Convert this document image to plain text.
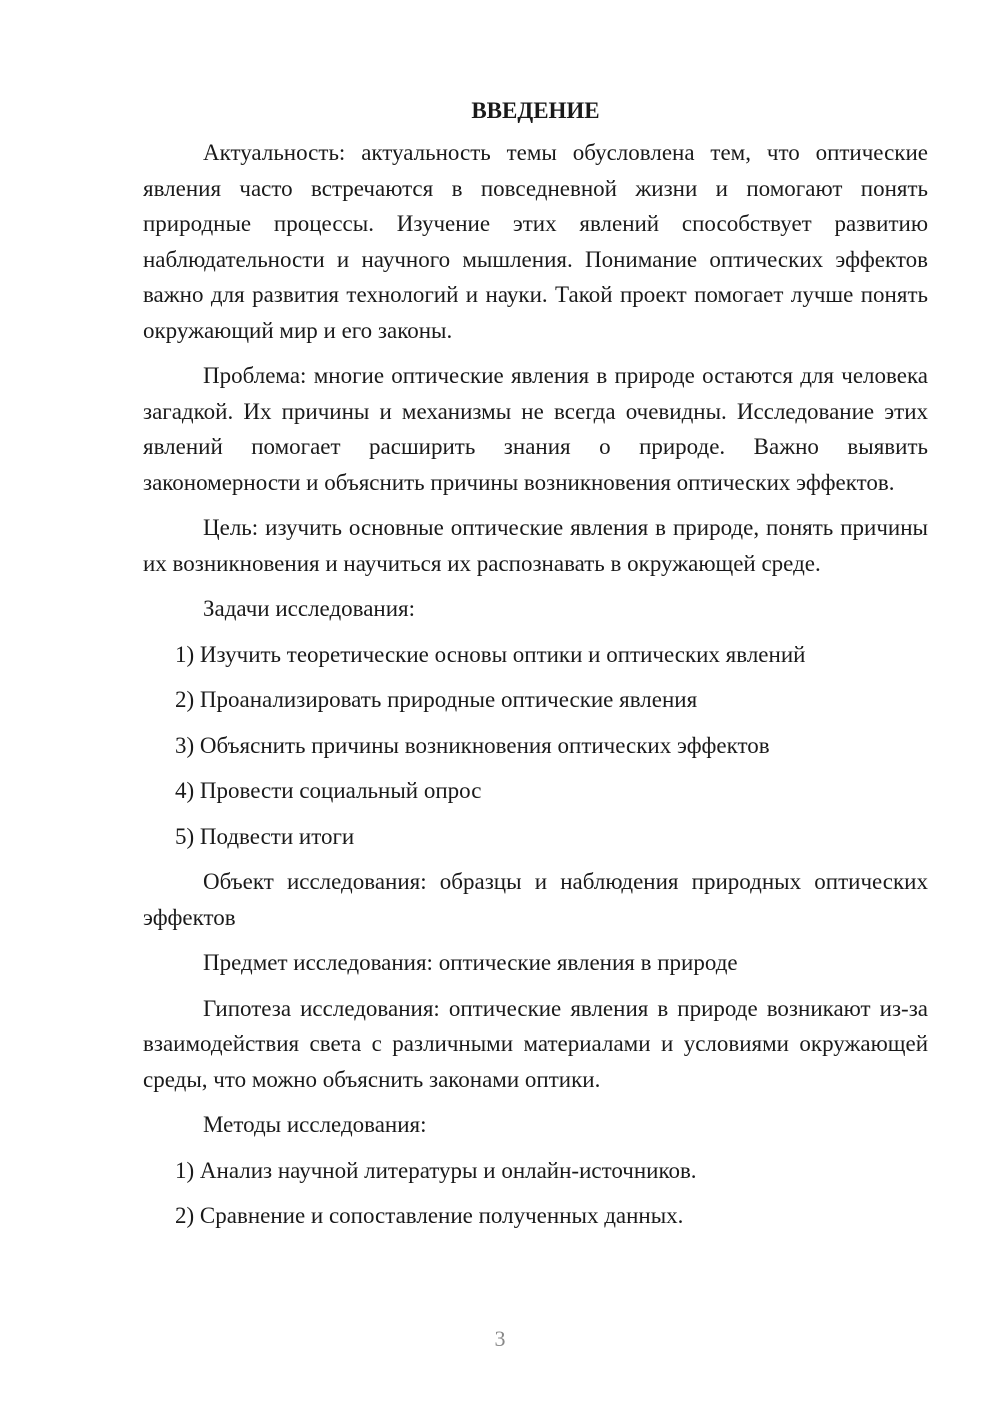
ВВЕДЕНИЕ

Актуальность: актуальность темы обусловлена тем, что оптические явления часто встречаются в повседневной жизни и помогают понять природные процессы. Изучение этих явлений способствует развитию наблюдательности и научного мышления. Понимание оптических эффектов важно для развития технологий и науки. Такой проект помогает лучше понять окружающий мир и его законы.

Проблема: многие оптические явления в природе остаются для человека загадкой. Их причины и механизмы не всегда очевидны. Исследование этих явлений помогает расширить знания о природе. Важно выявить закономерности и объяснить причины возникновения оптических эффектов.

Цель: изучить основные оптические явления в природе, понять причины их возникновения и научиться их распознавать в окружающей среде.

Задачи исследования:

1) Изучить теоретические основы оптики и оптических явлений
2) Проанализировать природные оптические явления
3) Объяснить причины возникновения оптических эффектов
4) Провести социальный опрос
5) Подвести итоги

Объект исследования: образцы и наблюдения природных оптических эффектов

Предмет исследования: оптические явления в природе

Гипотеза исследования: оптические явления в природе возникают из-за взаимодействия света с различными материалами и условиями окружающей среды, что можно объяснить законами оптики.

Методы исследования:

1) Анализ научной литературы и онлайн-источников.
2) Сравнение и сопоставление полученных данных.
3
